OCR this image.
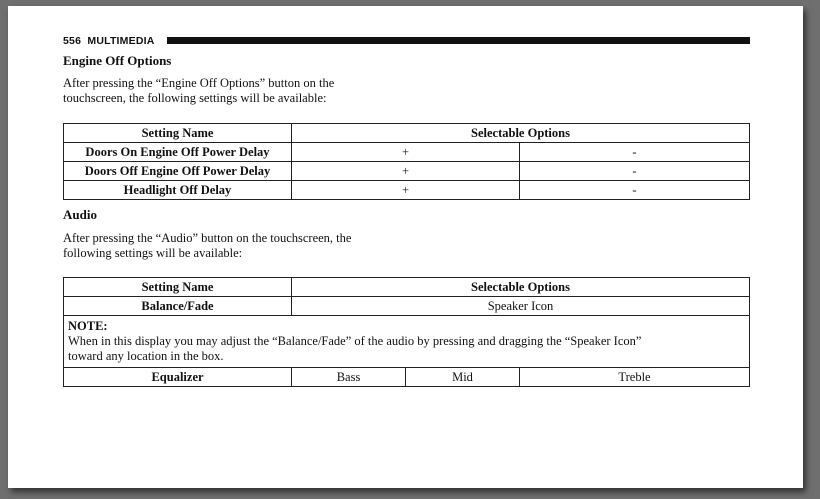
556 MULTIMEDIA
Engine Off Options
After pressing the “Engine Off Options” button on the
touchscreen, the following settings will be available:
Setting Name	Selectable Options	
Doors On Engine Off Power Delay	+	-
Doors Off Engine Off Power Delay	+	-
Headlight Off Delay	+	-
Audio
After pressing the “Audio” button on the touchscreen, the
following settings will be available:
Setting Name	Selectable Options		
Balance/Fade	Speaker Icon		

NOTE:
When in this display you may adjust the “Balance/Fade” of the audio by pressing and dragging the “Speaker Icon”
toward any location in the box.			

Equalizer	Bass	Mid	Treble
